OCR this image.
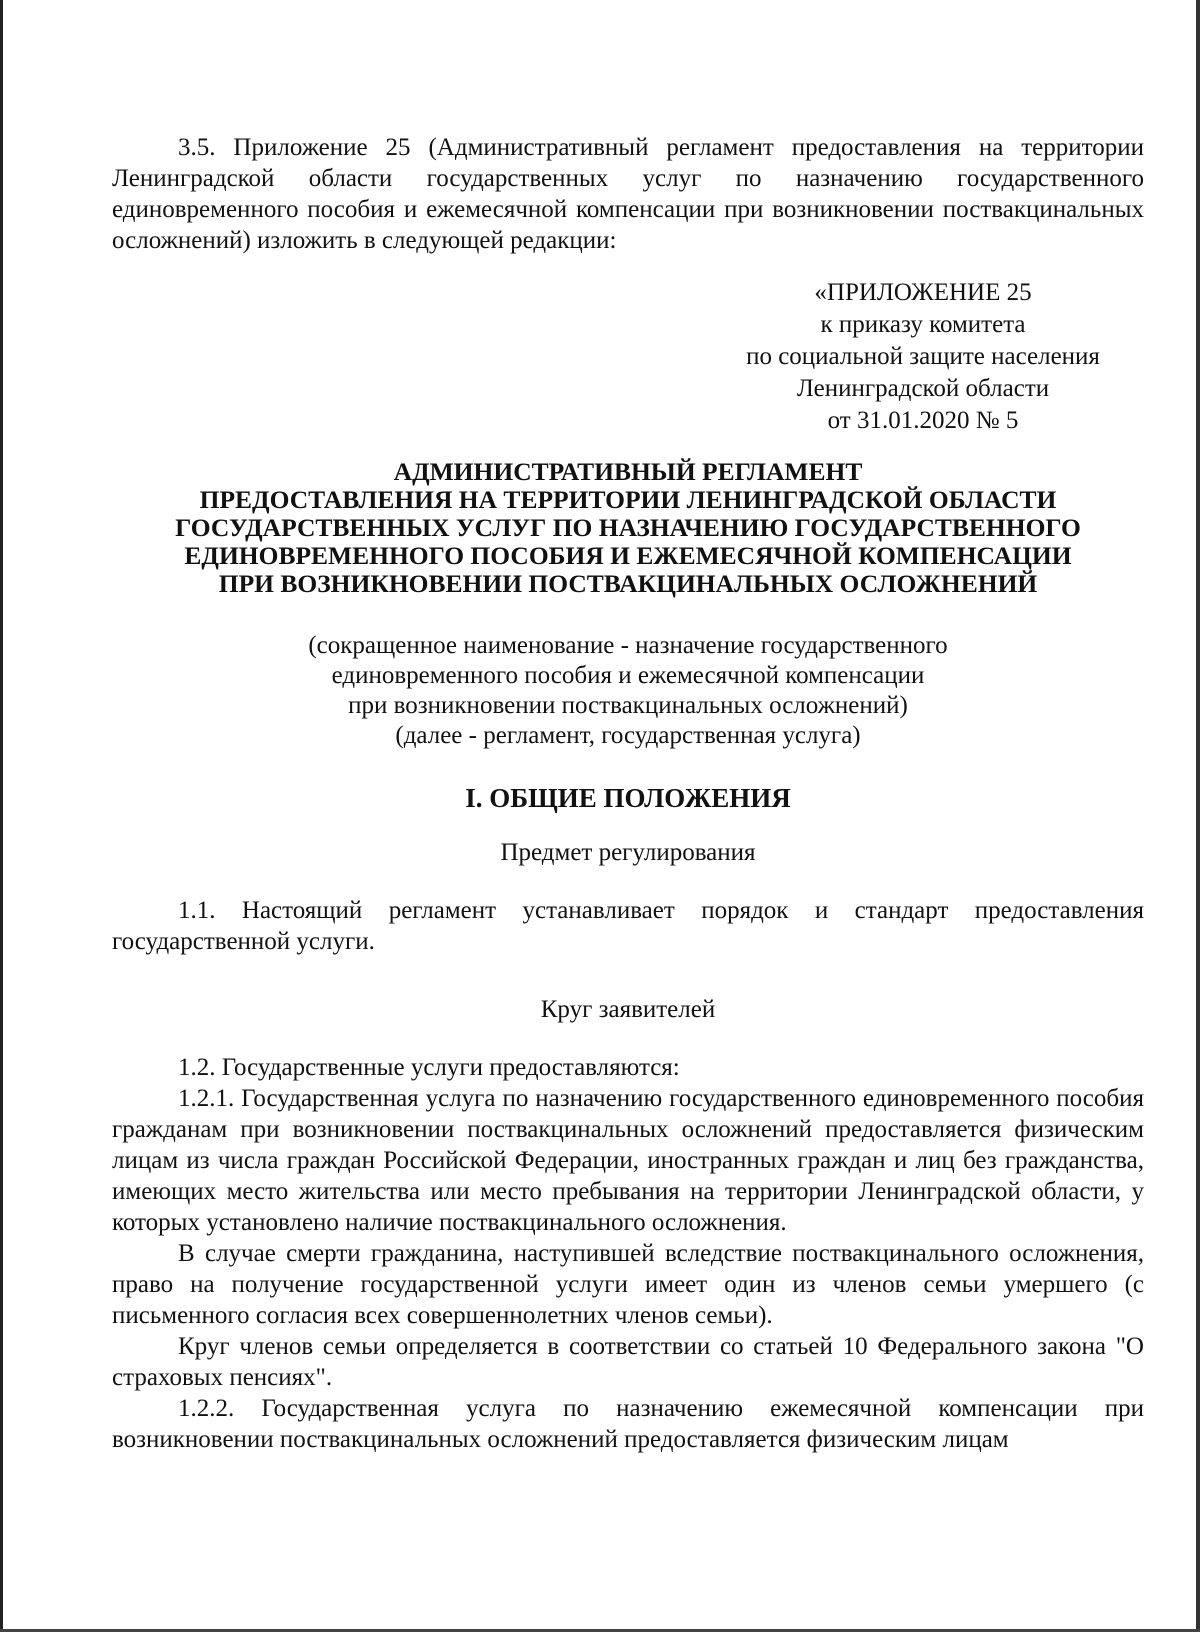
3.5. Приложение 25 (Административный регламент предоставления на территории Ленинградской области государственных услуг по назначению государственного единовременного пособия и ежемесячной компенсации при возникновении поствакцинальных осложнений) изложить в следующей редакции:

«ПРИЛОЖЕНИЕ 25
к приказу комитета
по социальной защите населения
Ленинградской области
от 31.01.2020 № 5
АДМИНИСТРАТИВНЫЙ РЕГЛАМЕНТ
ПРЕДОСТАВЛЕНИЯ НА ТЕРРИТОРИИ ЛЕНИНГРАДСКОЙ ОБЛАСТИ
ГОСУДАРСТВЕННЫХ УСЛУГ ПО НАЗНАЧЕНИЮ ГОСУДАРСТВЕННОГО
ЕДИНОВРЕМЕННОГО ПОСОБИЯ И ЕЖЕМЕСЯЧНОЙ КОМПЕНСАЦИИ
ПРИ ВОЗНИКНОВЕНИИ ПОСТВАКЦИНАЛЬНЫХ ОСЛОЖНЕНИЙ
(сокращенное наименование - назначение государственного
единовременного пособия и ежемесячной компенсации
при возникновении поствакцинальных осложнений)
(далее - регламент, государственная услуга)
I. ОБЩИЕ ПОЛОЖЕНИЯ
Предмет регулирования

1.1. Настоящий регламент устанавливает порядок и стандарт предоставления государственной услуги.

Круг заявителей

1.2. Государственные услуги предоставляются:

1.2.1. Государственная услуга по назначению государственного единовременного пособия гражданам при возникновении поствакцинальных осложнений предоставляется физическим лицам из числа граждан Российской Федерации, иностранных граждан и лиц без гражданства, имеющих место жительства или место пребывания на территории Ленинградской области, у которых установлено наличие поствакцинального осложнения.

В случае смерти гражданина, наступившей вследствие поствакцинального осложнения, право на получение государственной услуги имеет один из членов семьи умершего (с письменного согласия всех совершеннолетних членов семьи).

Круг членов семьи определяется в соответствии со статьей 10 Федерального закона "О страховых пенсиях".

1.2.2. Государственная услуга по назначению ежемесячной компенсации при возникновении поствакцинальных осложнений предоставляется физическим лицам
